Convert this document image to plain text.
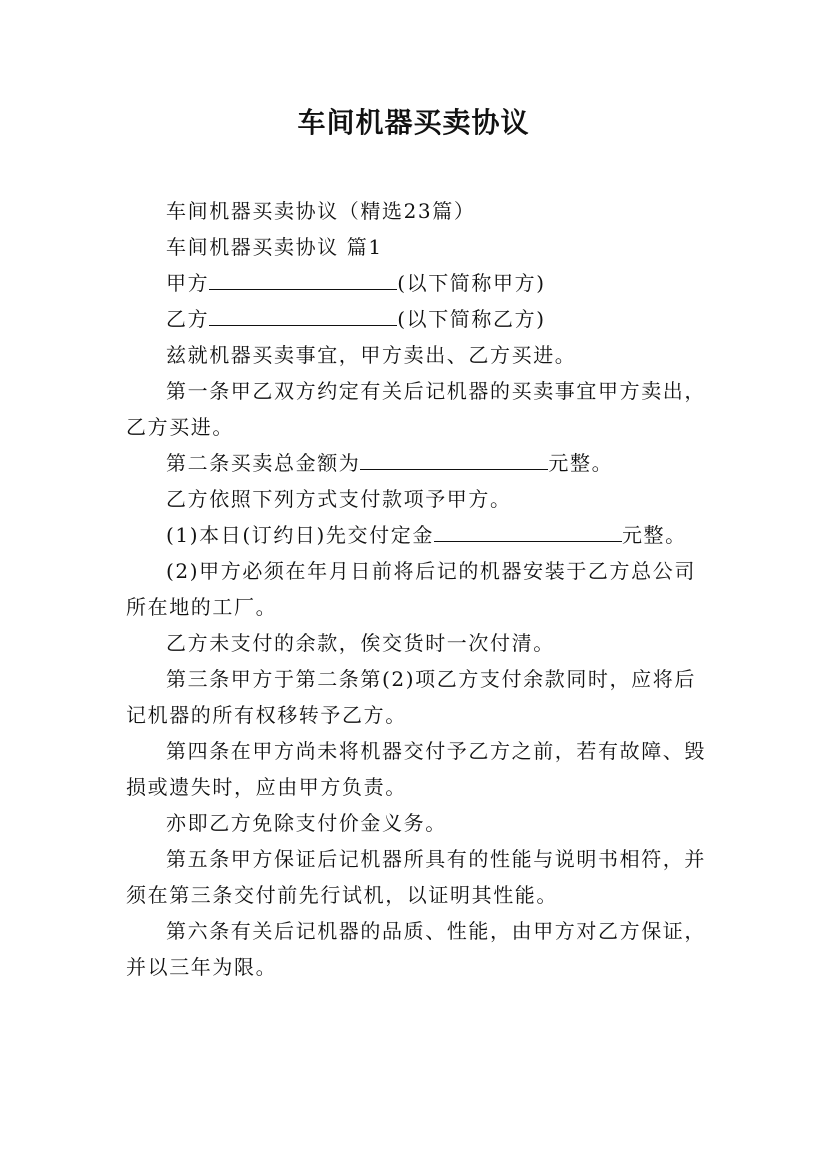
车间机器买卖协议

车间机器买卖协议（精选23篇）

车间机器买卖协议 篇1

甲方	(以下简称甲方)

乙方	(以下简称乙方)

兹就机器买卖事宜，甲方卖出、乙方买进。

第一条甲乙双方约定有关后记机器的买卖事宜甲方卖出，乙方买进。

第二条买卖总金额为	元整。

乙方依照下列方式支付款项予甲方。

(1)本日(订约日)先交付定金	元整。

(2)甲方必须在年月日前将后记的机器安装于乙方总公司所在地的工厂。

乙方未支付的余款，俟交货时一次付清。

第三条甲方于第二条第(2)项乙方支付余款同时，应将后记机器的所有权移转予乙方。

第四条在甲方尚未将机器交付予乙方之前，若有故障、毁损或遗失时，应由甲方负责。

亦即乙方免除支付价金义务。

第五条甲方保证后记机器所具有的性能与说明书相符，并须在第三条交付前先行试机，以证明其性能。

第六条有关后记机器的品质、性能，由甲方对乙方保证，并以三年为限。
